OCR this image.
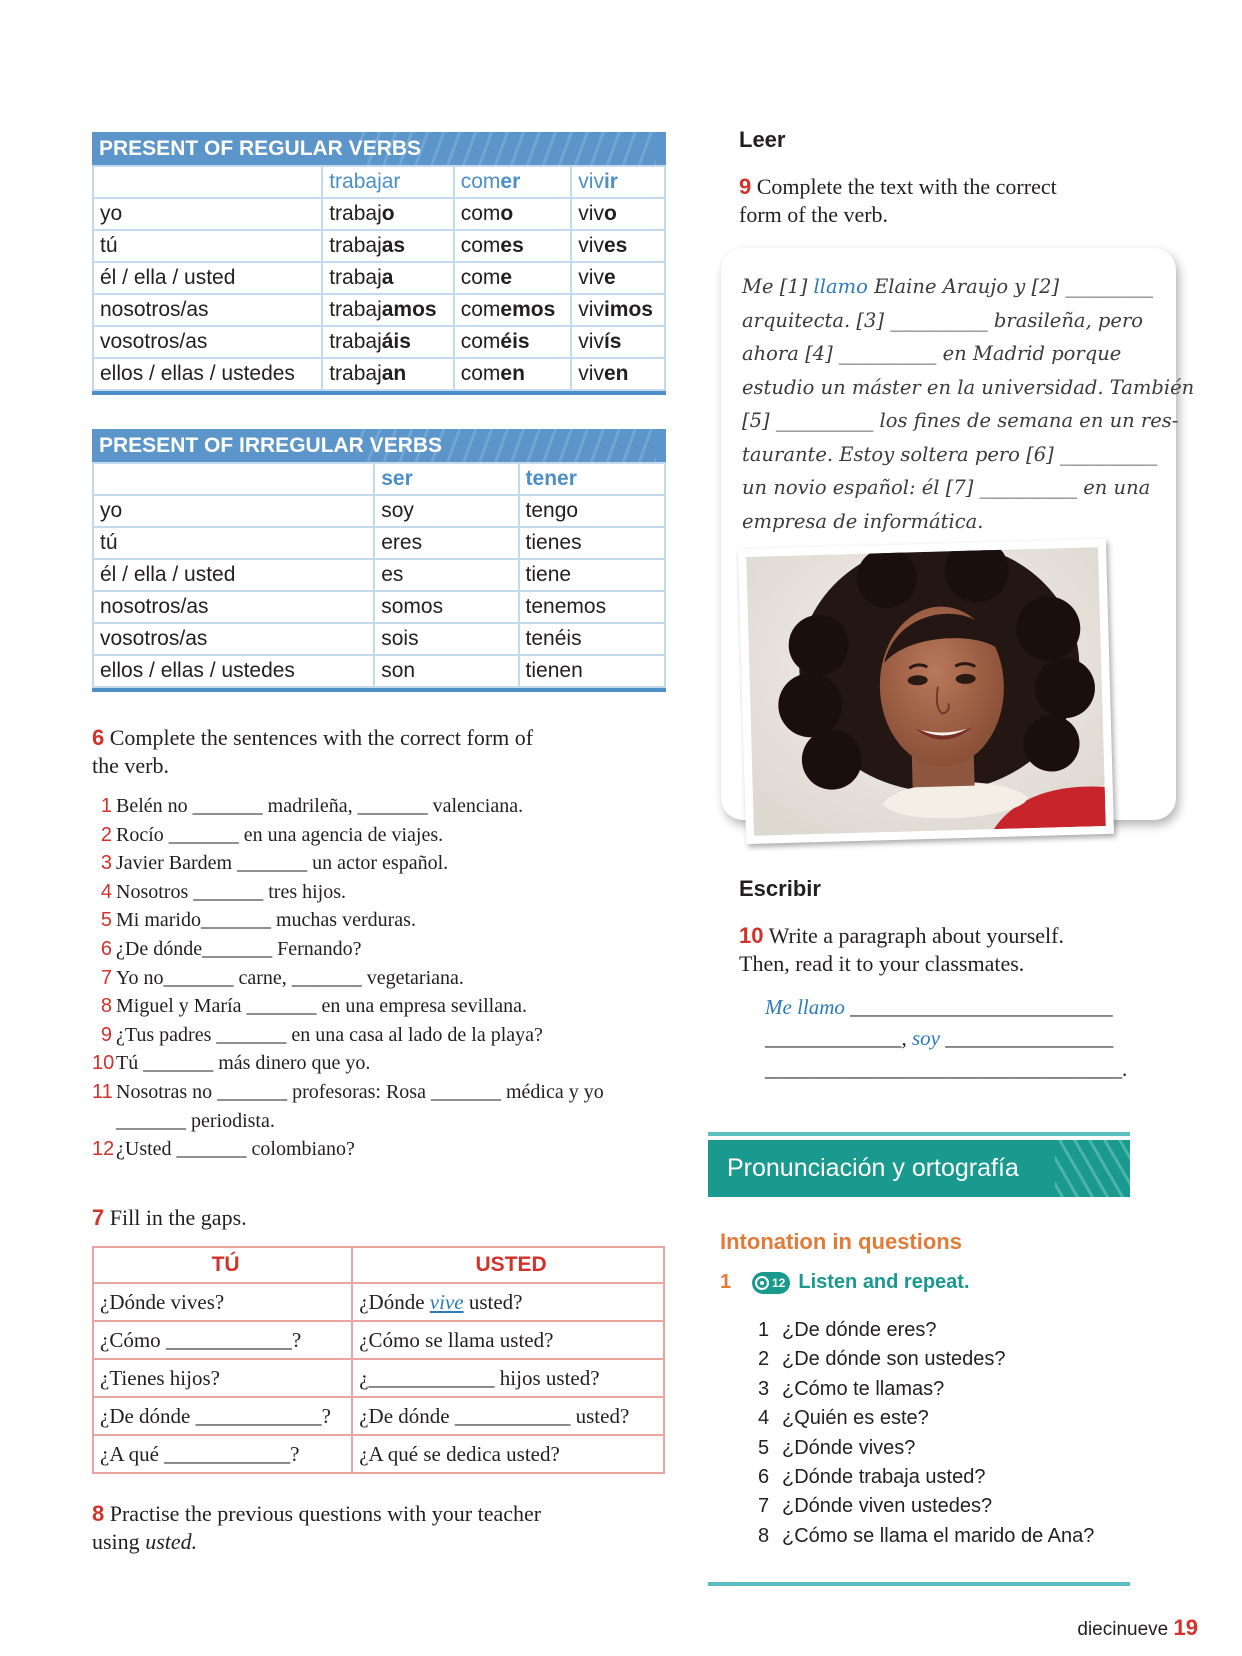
PRESENT OF REGULAR VERBS
	trabajar	comer	vivir
yo	trabajo	como	vivo
tú	trabajas	comes	vives
él / ella / usted	trabaja	come	vive
nosotros/as	trabajamos	comemos	vivimos
vosotros/as	trabajáis	coméis	vivís
ellos / ellas / ustedes	trabajan	comen	viven
PRESENT OF IRREGULAR VERBS
	ser	tener
yo	soy	tengo
tú	eres	tienes
él / ella / usted	es	tiene
nosotros/as	somos	tenemos
vosotros/as	sois	tenéis
ellos / ellas / ustedes	son	tienen
6 Complete the sentences with the correct form of
the verb.
1 Belén no _______ madrileña, _______ valenciana.
2 Rocío _______ en una agencia de viajes.
3 Javier Bardem _______ un actor español.
4 Nosotros _______ tres hijos.
5 Mi marido_______ muchas verduras.
6 ¿De dónde_______ Fernando?
7 Yo no_______ carne, _______ vegetariana.
8 Miguel y María _______ en una empresa sevillana.
9 ¿Tus padres _______ en una casa al lado de la playa?
10 Tú _______ más dinero que yo.
11 Nosotras no _______ profesoras: Rosa _______ médica y yo
_______ periodista.
12 ¿Usted _______ colombiano?
7 Fill in the gaps.
TÚ	USTED
¿Dónde vives?	¿Dónde vive usted?
¿Cómo ____________?	¿Cómo se llama usted?
¿Tienes hijos?	¿____________ hijos usted?
¿De dónde ____________?	¿De dónde ___________ usted?
¿A qué ____________?	¿A qué se dedica usted?
8 Practise the previous questions with your teacher
using usted.
Leer
9 Complete the text with the correct
form of the verb.
Me [1] llamo Elaine Araujo y [2] _________
arquitecta. [3] __________ brasileña, pero
ahora [4] __________ en Madrid porque
estudio un máster en la universidad. También
[5] __________ los fines de semana en un res-
taurante. Estoy soltera pero [6] __________
un novio español: él [7] __________ en una
empresa de informática.
Escribir
10 Write a paragraph about yourself.
Then, read it to your classmates.
Me llamo _________________________
_____________, soy ________________
__________________________________.
Pronunciación y ortografía
Intonation in questions
1	12 Listen and repeat.
1 ¿De dónde eres?
2 ¿De dónde son ustedes?
3 ¿Cómo te llamas?
4 ¿Quién es este?
5 ¿Dónde vives?
6 ¿Dónde trabaja usted?
7 ¿Dónde viven ustedes?
8 ¿Cómo se llama el marido de Ana?
diecinueve 19
